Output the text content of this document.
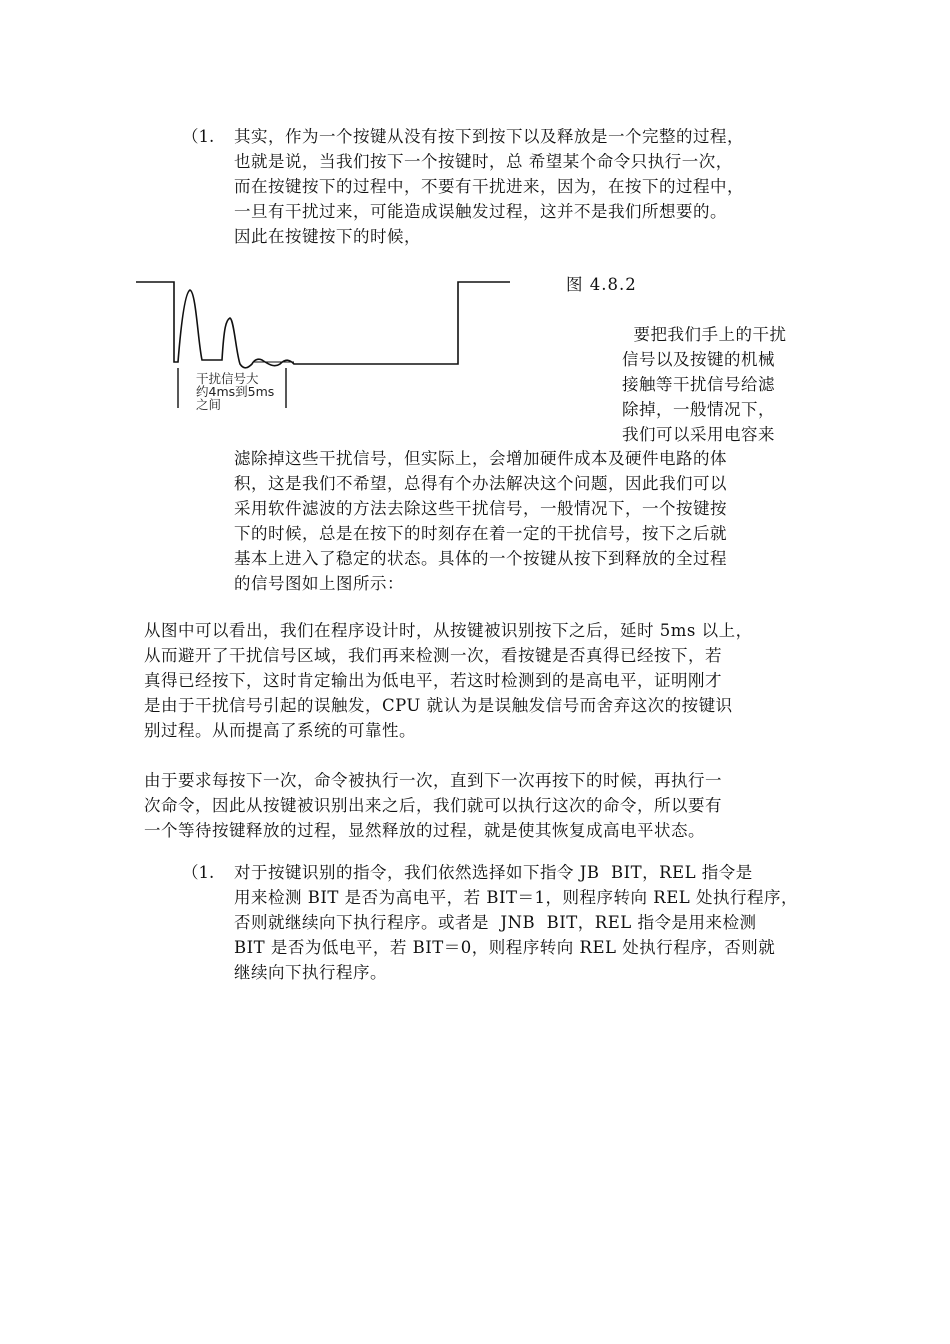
（1. 其实，作为一个按键从没有按下到按下以及释放是一个完整的过程，
也就是说，当我们按下一个按键时，总 希望某个命令只执行一次，
而在按键按下的过程中，不要有干扰进来，因为，在按下的过程中，
一旦有干扰过来，可能造成误触发过程，这并不是我们所想要的。
因此在按键按下的时候，
干扰信号大
约4ms到5ms
之间
图 4.8.2
要把我们手上的干扰
信号以及按键的机械
接触等干扰信号给滤
除掉，一般情况下，
我们可以采用电容来
滤除掉这些干扰信号，但实际上，会增加硬件成本及硬件电路的体
积，这是我们不希望，总得有个办法解决这个问题，因此我们可以
采用软件滤波的方法去除这些干扰信号，一般情况下，一个按键按
下的时候，总是在按下的时刻存在着一定的干扰信号，按下之后就
基本上进入了稳定的状态。具体的一个按键从按下到释放的全过程
的信号图如上图所示：
从图中可以看出，我们在程序设计时，从按键被识别按下之后，延时 5ms 以上，
从而避开了干扰信号区域，我们再来检测一次，看按键是否真得已经按下，若
真得已经按下，这时肯定输出为低电平，若这时检测到的是高电平，证明刚才
是由于干扰信号引起的误触发，CPU 就认为是误触发信号而舍弃这次的按键识
别过程。从而提高了系统的可靠性。
由于要求每按下一次，命令被执行一次，直到下一次再按下的时候，再执行一
次命令，因此从按键被识别出来之后，我们就可以执行这次的命令，所以要有
一个等待按键释放的过程，显然释放的过程，就是使其恢复成高电平状态。
（1. 对于按键识别的指令，我们依然选择如下指令 JB  BIT，REL 指令是
用来检测 BIT 是否为高电平，若 BIT＝1，则程序转向 REL 处执行程序，
否则就继续向下执行程序。或者是  JNB  BIT，REL 指令是用来检测
BIT 是否为低电平，若 BIT＝0，则程序转向 REL 处执行程序，否则就
继续向下执行程序。
